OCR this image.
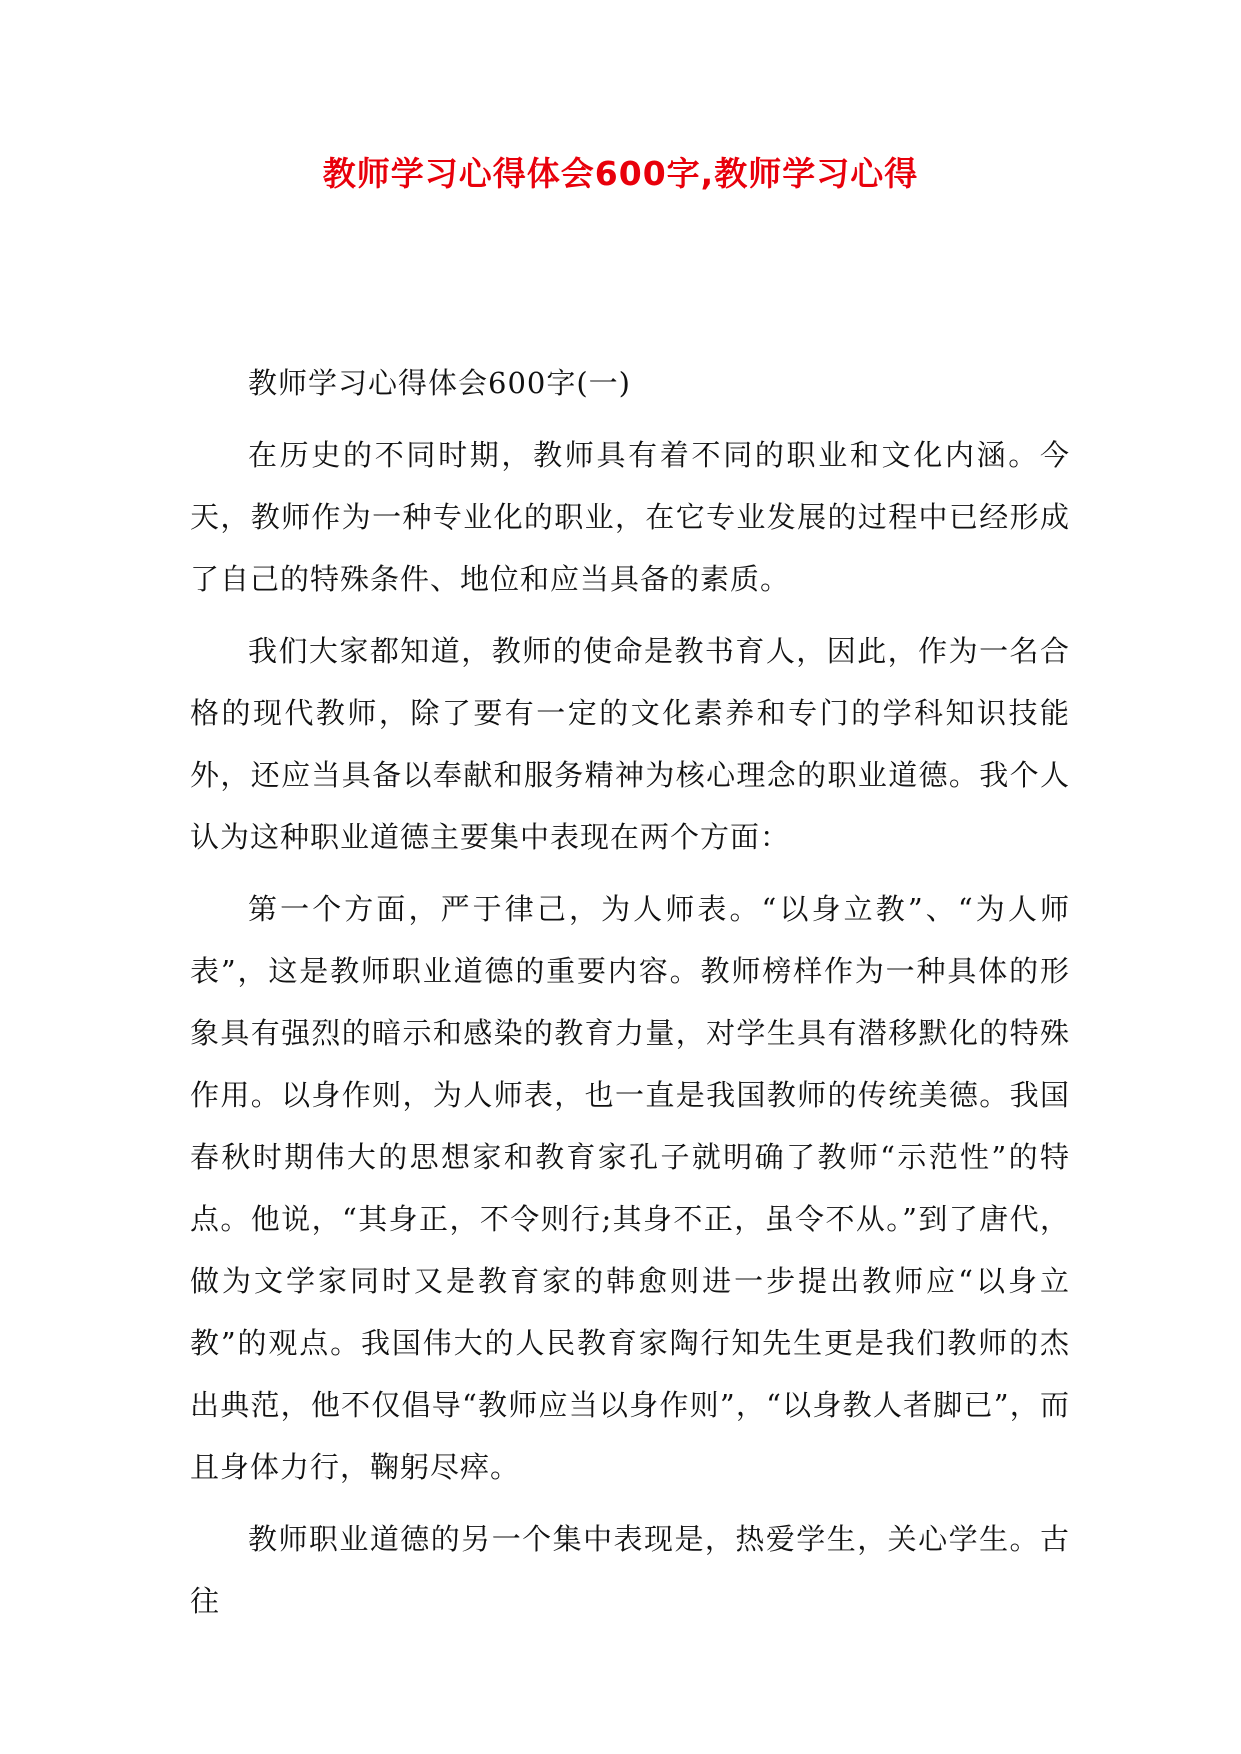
教师学习心得体会600字,教师学习心得

教师学习心得体会600字(一)

在历史的不同时期，教师具有着不同的职业和文化内涵。今天，教师作为一种专业化的职业，在它专业发展的过程中已经形成了自己的特殊条件、地位和应当具备的素质。

我们大家都知道，教师的使命是教书育人，因此，作为一名合格的现代教师，除了要有一定的文化素养和专门的学科知识技能外，还应当具备以奉献和服务精神为核心理念的职业道德。我个人认为这种职业道德主要集中表现在两个方面：

第一个方面，严于律己，为人师表。“以身立教”、“为人师表”，这是教师职业道德的重要内容。教师榜样作为一种具体的形象具有强烈的暗示和感染的教育力量，对学生具有潜移默化的特殊作用。以身作则，为人师表，也一直是我国教师的传统美德。我国春秋时期伟大的思想家和教育家孔子就明确了教师“示范性”的特点。他说，“其身正，不令则行;其身不正，虽令不从。”到了唐代，做为文学家同时又是教育家的韩愈则进一步提出教师应“以身立教”的观点。我国伟大的人民教育家陶行知先生更是我们教师的杰出典范，他不仅倡导“教师应当以身作则”，“以身教人者脚已”，而且身体力行，鞠躬尽瘁。

教师职业道德的另一个集中表现是，热爱学生，关心学生。古往
